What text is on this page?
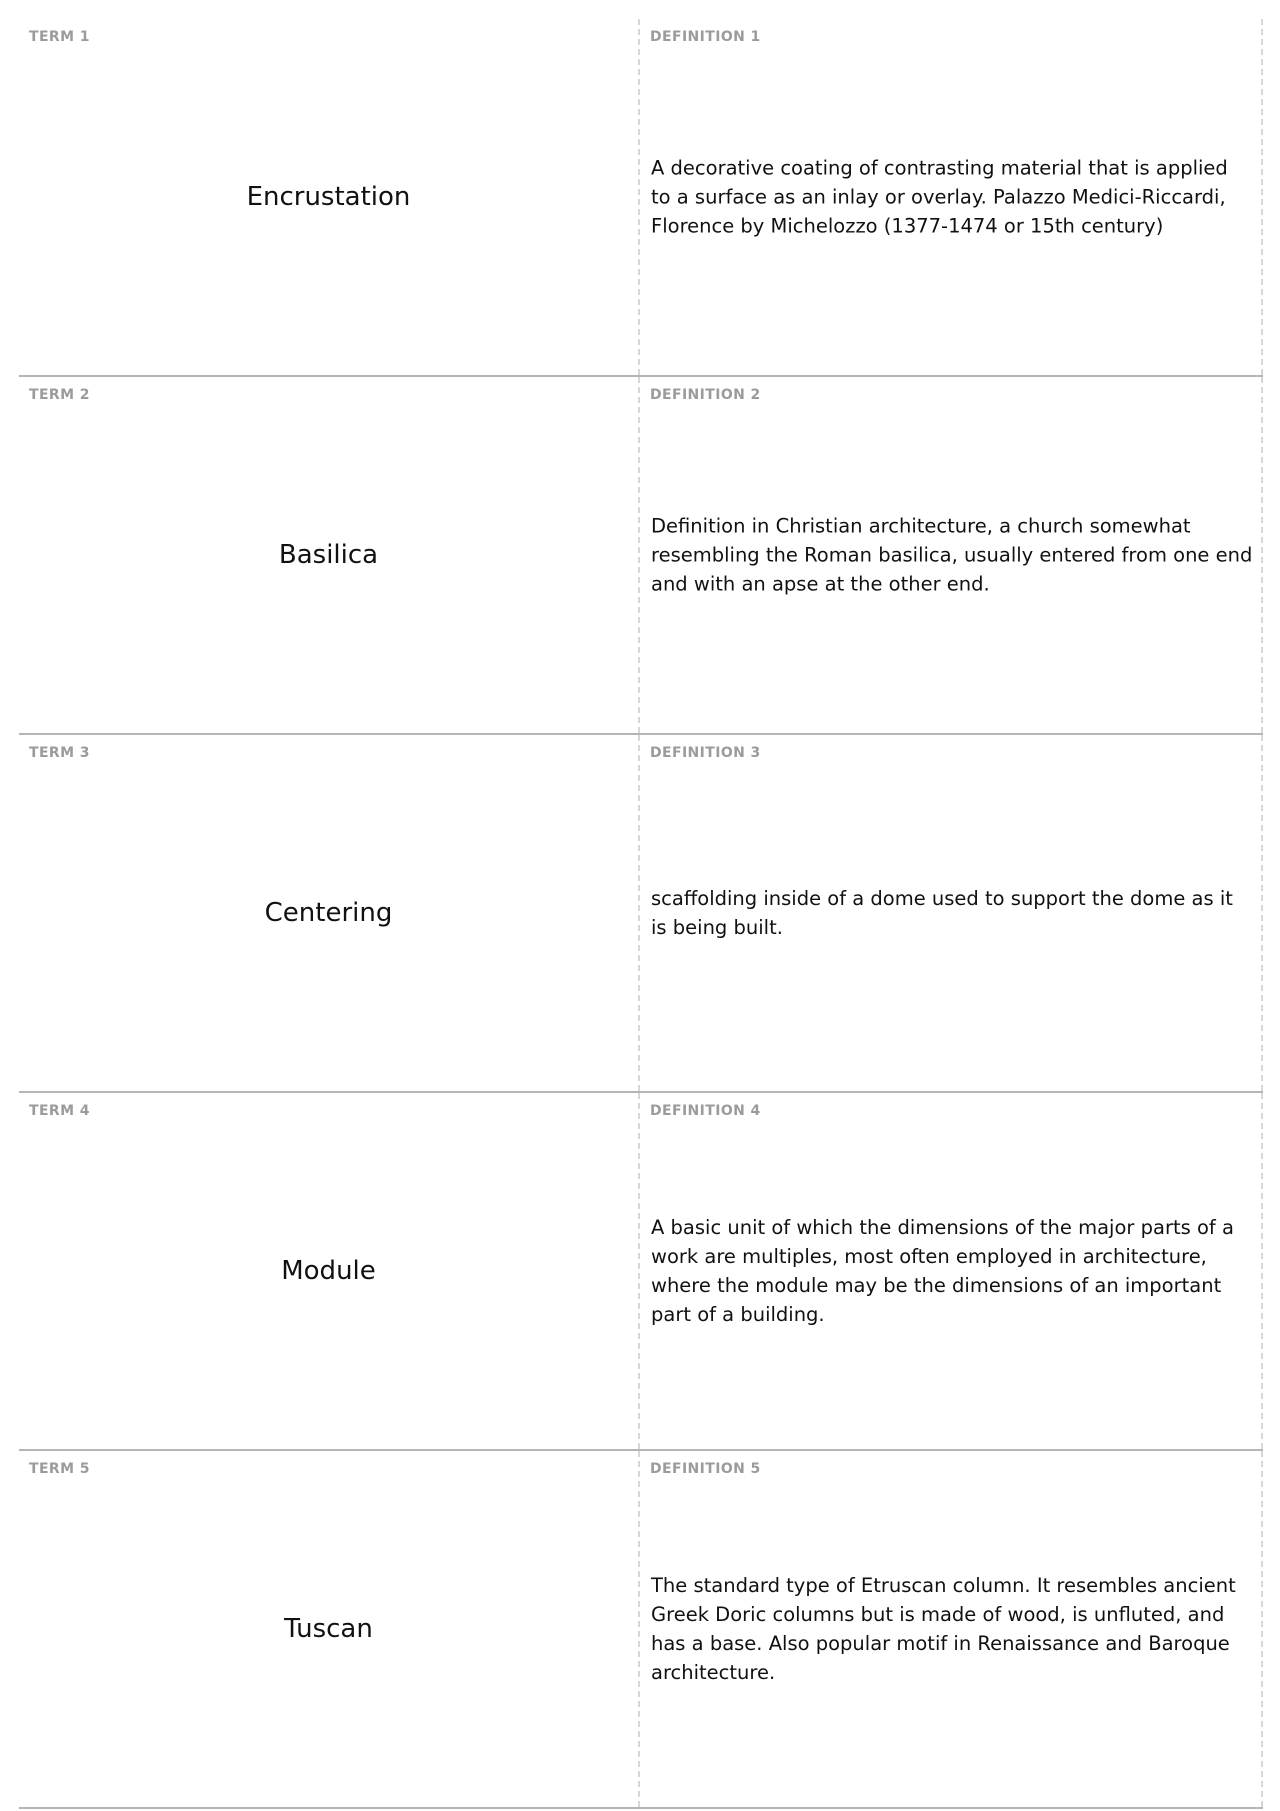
TERM 1
Encrustation
DEFINITION 1
A decorative coating of contrasting material that is applied to a surface as an inlay or overlay. Palazzo Medici-Riccardi, Florence by Michelozzo (1377-1474 or 15th century)
TERM 2
Basilica
DEFINITION 2
Definition in Christian architecture, a church somewhat resembling the Roman basilica, usually entered from one end and with an apse at the other end.
TERM 3
Centering
DEFINITION 3
scaffolding inside of a dome used to support the dome as it is being built.
TERM 4
Module
DEFINITION 4
A basic unit of which the dimensions of the major parts of a work are multiples, most often employed in architecture, where the module may be the dimensions of an important part of a building.
TERM 5
Tuscan
DEFINITION 5
The standard type of Etruscan column. It resembles ancient Greek Doric columns but is made of wood, is unfluted, and has a base. Also popular motif in Renaissance and Baroque architecture.
